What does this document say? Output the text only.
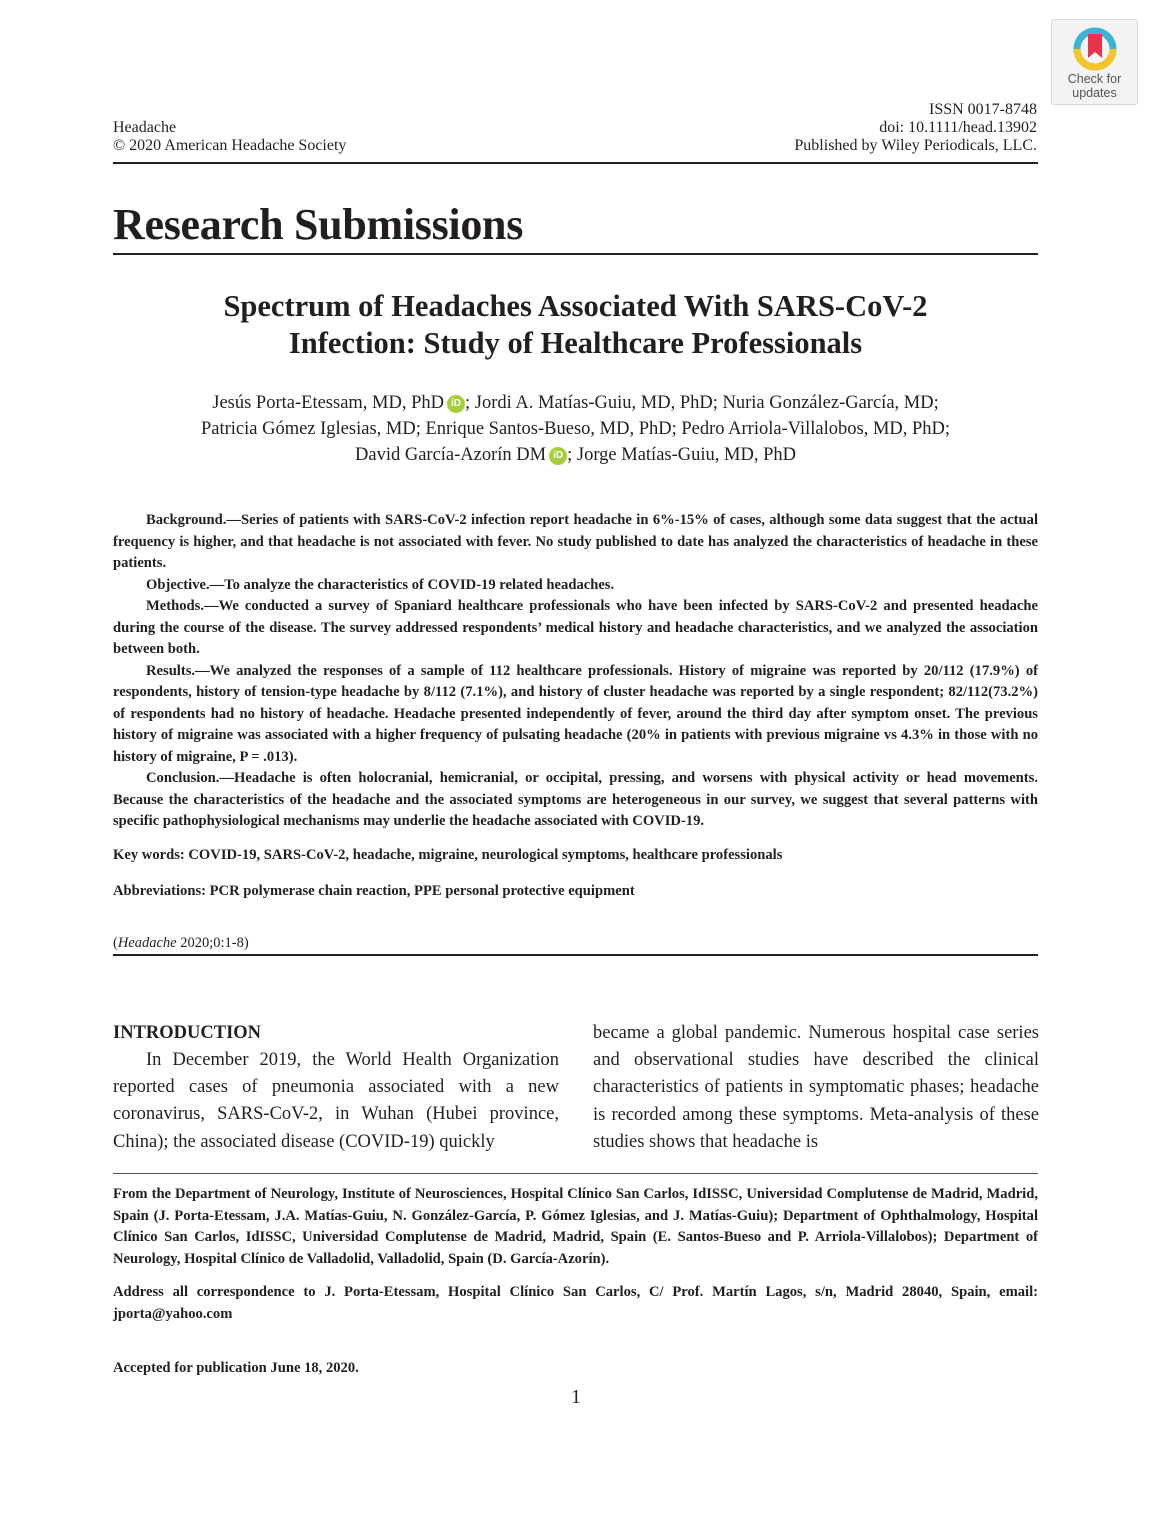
Check for
updates
Headache
© 2020 American Headache Society
ISSN 0017-8748
doi: 10.1111/head.13902
Published by Wiley Periodicals, LLC.
Research Submissions
Spectrum of Headaches Associated With SARS-CoV-2
Infection: Study of Healthcare Professionals
Jesús Porta-Etessam, MD, PhD iD ; Jordi A. Matías-Guiu, MD, PhD; Nuria González-García, MD;
Patricia Gómez Iglesias, MD; Enrique Santos-Bueso, MD, PhD; Pedro Arriola-Villalobos, MD, PhD;
David García-Azorín DM iD ; Jorge Matías-Guiu, MD, PhD

Background.—Series of patients with SARS-CoV-2 infection report headache in 6%-15% of cases, although some data suggest that the actual frequency is higher, and that headache is not associated with fever. No study published to date has analyzed the characteristics of headache in these patients.

Objective.—To analyze the characteristics of COVID-19 related headaches.

Methods.—We conducted a survey of Spaniard healthcare professionals who have been infected by SARS-CoV-2 and presented headache during the course of the disease. The survey addressed respondents’ medical history and headache characteristics, and we analyzed the association between both.

Results.—We analyzed the responses of a sample of 112 healthcare professionals. History of migraine was reported by 20/112 (17.9%) of respondents, history of tension-type headache by 8/112 (7.1%), and history of cluster headache was reported by a single respondent; 82/112(73.2%) of respondents had no history of headache. Headache presented independently of fever, around the third day after symptom onset. The previous history of migraine was associated with a higher frequency of pulsating headache (20% in patients with previous migraine vs 4.3% in those with no history of migraine, P = .013).

Conclusion.—Headache is often holocranial, hemicranial, or occipital, pressing, and worsens with physical activity or head movements. Because the characteristics of the headache and the associated symptoms are heterogeneous in our survey, we suggest that several patterns with specific pathophysiological mechanisms may underlie the headache associated with COVID-19.

Key words: COVID-19, SARS-CoV-2, headache, migraine, neurological symptoms, healthcare professionals
Abbreviations: PCR polymerase chain reaction, PPE personal protective equipment
(Headache 2020;0:1-8)
INTRODUCTION

In December 2019, the World Health Organization reported cases of pneumonia associated with a new coronavirus, SARS-CoV-2, in Wuhan (Hubei province, China); the associated disease (COVID-19) quickly

became a global pandemic. Numerous hospital case series and observational studies have described the clinical characteristics of patients in symptomatic phases; headache is recorded among these symptoms. Meta-analysis of these studies shows that headache is

From the Department of Neurology, Institute of Neurosciences, Hospital Clínico San Carlos, IdISSC, Universidad Complutense de Madrid, Madrid, Spain (J. Porta-Etessam, J.A. Matías-Guiu, N. González-García, P. Gómez Iglesias, and J. Matías-Guiu); Department of Ophthalmology, Hospital Clínico San Carlos, IdISSC, Universidad Complutense de Madrid, Madrid, Spain (E. Santos-Bueso and P. Arriola-Villalobos); Department of Neurology, Hospital Clínico de Valladolid, Valladolid, Spain (D. García-Azorín).
Address all correspondence to J. Porta-Etessam, Hospital Clínico San Carlos, C/ Prof. Martín Lagos, s/n, Madrid 28040, Spain, email: jporta@yahoo.com
Accepted for publication June 18, 2020.
1
